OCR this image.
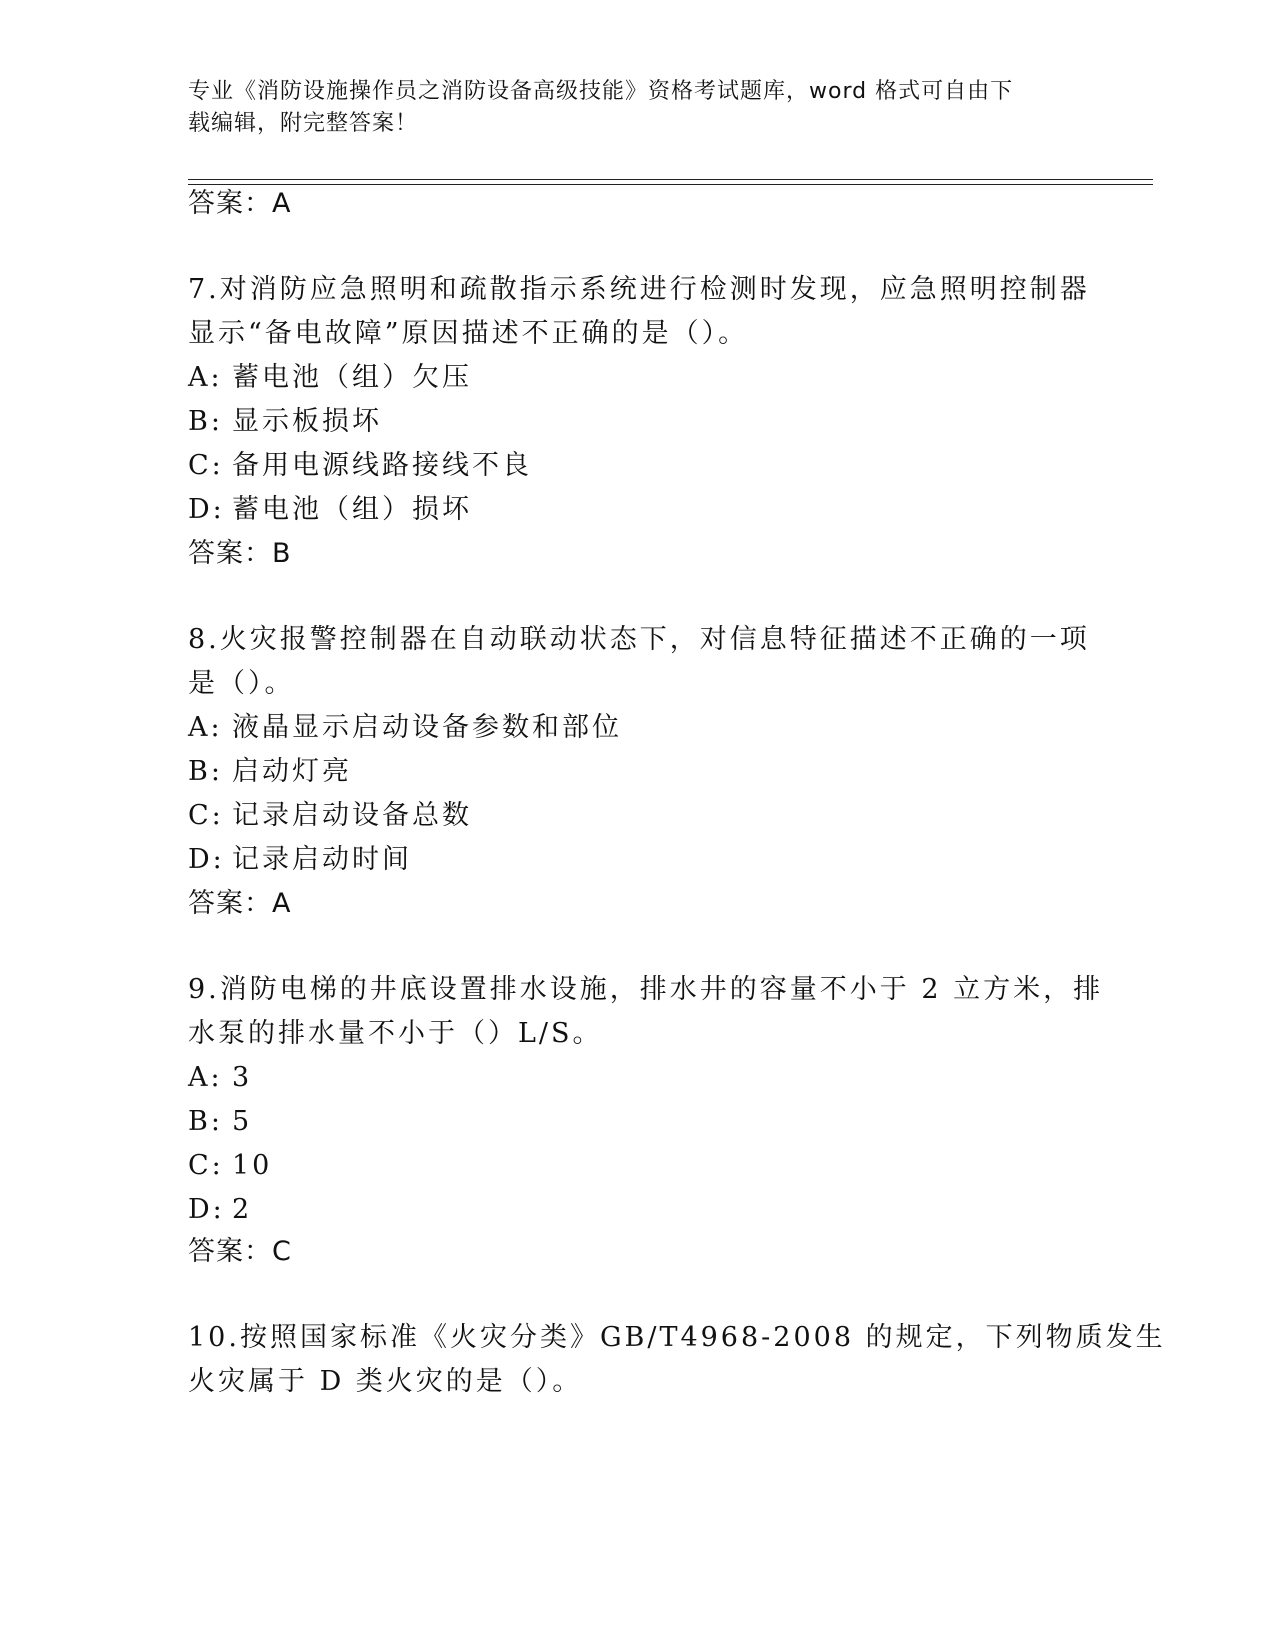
专业《消防设施操作员之消防设备高级技能》资格考试题库，word 格式可自由下
载编辑，附完整答案！
答案：A
7.对消防应急照明和疏散指示系统进行检测时发现，应急照明控制器
显示“备电故障”原因描述不正确的是（）。
A: 蓄电池（组）欠压
B: 显示板损坏
C: 备用电源线路接线不良
D: 蓄电池（组）损坏
答案：B
8.火灾报警控制器在自动联动状态下，对信息特征描述不正确的一项
是（）。
A: 液晶显示启动设备参数和部位
B: 启动灯亮
C: 记录启动设备总数
D: 记录启动时间
答案：A
9.消防电梯的井底设置排水设施，排水井的容量不小于 2 立方米，排
水泵的排水量不小于（）L/S。
A: 3
B: 5
C: 10
D: 2
答案：C
10.按照国家标准《火灾分类》GB/T4968-2008 的规定，下列物质发生
火灾属于 D 类火灾的是（）。
